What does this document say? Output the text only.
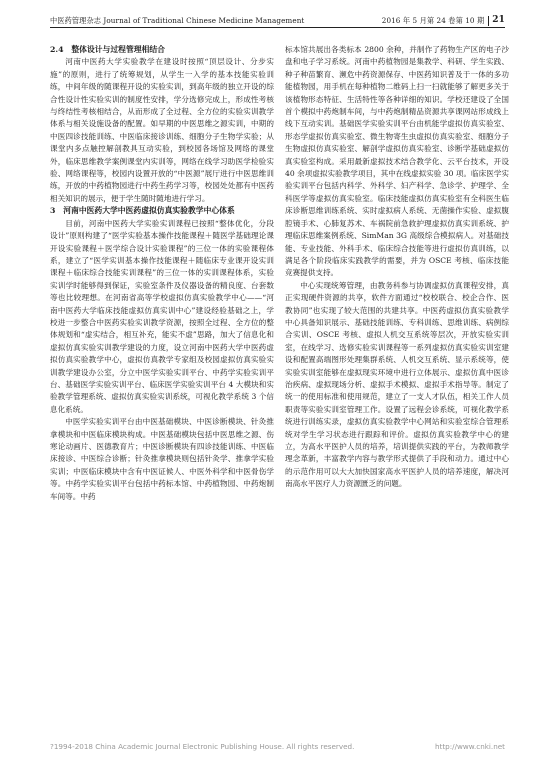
中医药管理杂志 Journal of Traditional Chinese Medicine Management	2016 年 5 月第 24 卷第 10 期 21
2.4　整体设计与过程管理相结合

河南中医药大学实验教学在建设时按照“顶层设计、分步实施”的原则，进行了统筹规划，从学生一入学的基本技能实验训练，中间年级的随课程开设的实验实训，到高年级的独立开设的综合性设计性实验实训的制度性安排，学分选修完成上，形成性考核与终结性考核相结合，从而形成了全过程、全方位的实验实训教学体系与相关设施设备的配置。如早期的中医思维之源实训，中期的中医四诊技能训练、中医临床接诊训练、细胞分子生物学实验；从课堂内多点触控解剖教具互动实验，到校园各场馆及网络的课堂外，临床思维教学案例课堂内实训等，网络在线学习助医学检验实验、网络课程等，校园内设置开放的“中医源”展厅进行中医思维训练，开放的中药植物园进行中药生药学习等，校园处处都有中医药相关知识的展示，便于学生随时随地进行学习。

3　河南中医药大学中医药虚拟仿真实验教学中心体系

目前，河南中医药大学实验实训课程已按照“整体优化，分段设计”原则构建了“医学实验基本操作技能课程＋随医学基础理论课开设实验课程＋医学综合设计实验课程”的三位一体的实验课程体系，建立了“医学实训基本操作技能课程＋随临床专业课开设实训课程＋临床综合技能实训课程”的三位一体的实训课程体系，实验实训学时能够得到保证，实验室条件及仪器设备的精良度、台套数等也比较理想。在河南省高等学校虚拟仿真实验教学中心——“河南中医药大学临床技能虚拟仿真实训中心”建设经验基础之上，学校进一步整合中医药实验实训教学资源，按照全过程、全方位的整体规划和“虚实结合，相互补充，能实不虚”思路，加大了信息化和虚拟仿真实验实训教学建设的力度，设立河南中医药大学中医药虚拟仿真实验教学中心，虚拟仿真教学专家组及校园虚拟仿真实验实训教学建设办公室，分立中医学实验实训平台、中药学实验实训平台、基础医学实验实训平台、临床医学实验实训平台 4 大模块和实验教学管理系统、虚拟仿真实验实训系统，可视化教学系统 3 个信息化系统。

中医学实验实训平台由中医基础模块、中医诊断模块、针灸推拿模块和中医临床模块构成。中医基础模块包括中医思维之源、伤寒论动画片、医德教育片；中医诊断模块有四诊技能训练、中医临床接诊、中医综合诊断；针灸推拿模块则包括针灸学、推拿学实验实训；中医临床模块中含有中医证候人、中医外科学和中医骨伤学等。中药学实验实训平台包括中药标本馆、中药植物园、中药炮制车间等。中药

标本馆共展出各类标本 2800 余种，并制作了药物生产区的电子沙盘和电子学习系统。河南中药植物园是集教学、科研、学生实践、种子种苗繁育、濒危中药资源保存、中医药知识普及于一体的多功能植物园，用手机在每种植物二维码上扫一扫就能够了解更多关于该植物形态特征、生活特性等各种详细的知识。学校还建设了全国首个模拟中药炮制车间，与中药炮制精品资源共享课网站形成线上线下互动实训。基础医学实验实训平台由机能学虚拟仿真实验室、形态学虚拟仿真实验室、微生物寄生虫虚拟仿真实验室、细胞分子生物虚拟仿真实验室、解剖学虚拟仿真实验室、诊断学基础虚拟仿真实验室构成。采用最新虚拟技术结合教学化、云平台技术，开设 40 余项虚拟实验教学项目，其中在线虚拟实验 30 项。临床医学实验实训平台包括内科学、外科学、妇产科学、急诊学、护理学、全科医学等虚拟仿真实验室。临床技能虚拟仿真实验室有全科医生临床诊断思维训练系统、实时虚拟病人系统、无菌操作实验、虚拟腹腔镜手术、心肺复苏术、车祸院前急救护理虚拟仿真实训系统、护理临床思维案例系统、SimMan 3G 高级综合模拟病人。对基础技能、专业技能、外科手术、临床综合技能等进行虚拟仿真训练，以满足各个阶段临床实践教学的需要，并为 OSCE 考核、临床技能竞赛提供支持。

中心实现统筹管理，由教务科参与协调虚拟仿真课程安排，真正实现硬件资源的共享，软件方面通过“校校联合、校企合作、医教协同”也实现了较大范围的共建共享。中医药虚拟仿真实验教学中心具备知识展示、基础技能训练、专科训练、思维训练、病例综合实训、OSCE 考核、虚拟人机交互系统等层次，开放实验实训室，在线学习、选修实验实训课程等一系列虚拟仿真实验实训室建设和配置高端图形处理集群系统、人机交互系统、显示系统等，使实验实训室能够在虚拟现实环境中进行立体展示、虚拟仿真中医诊治疾病、虚拟现场分析、虚拟手术模拟、虚拟手术指导等。制定了统一的使用标准和使用规范，建立了一支人才队伍，相关工作人员职责等实验实训室管理工作。设置了远程会诊系统，可视化教学系统进行训练实录，虚拟仿真实验教学中心网站和实验室综合管理系统对学生学习状态进行跟踪和评价。虚拟仿真实验教学中心的建立，为高水平医护人员的培养，培训提供实践的平台，为教师教学理念革新，丰富教学内容与教学形式提供了手段和动力。通过中心的示范作用可以大大加快国家高水平医护人员的培养速度，解决河南高水平医疗人力资源匮乏的问题。

?1994-2018 China Academic Journal Electronic Publishing House. All rights reserved.	http://www.cnki.net
